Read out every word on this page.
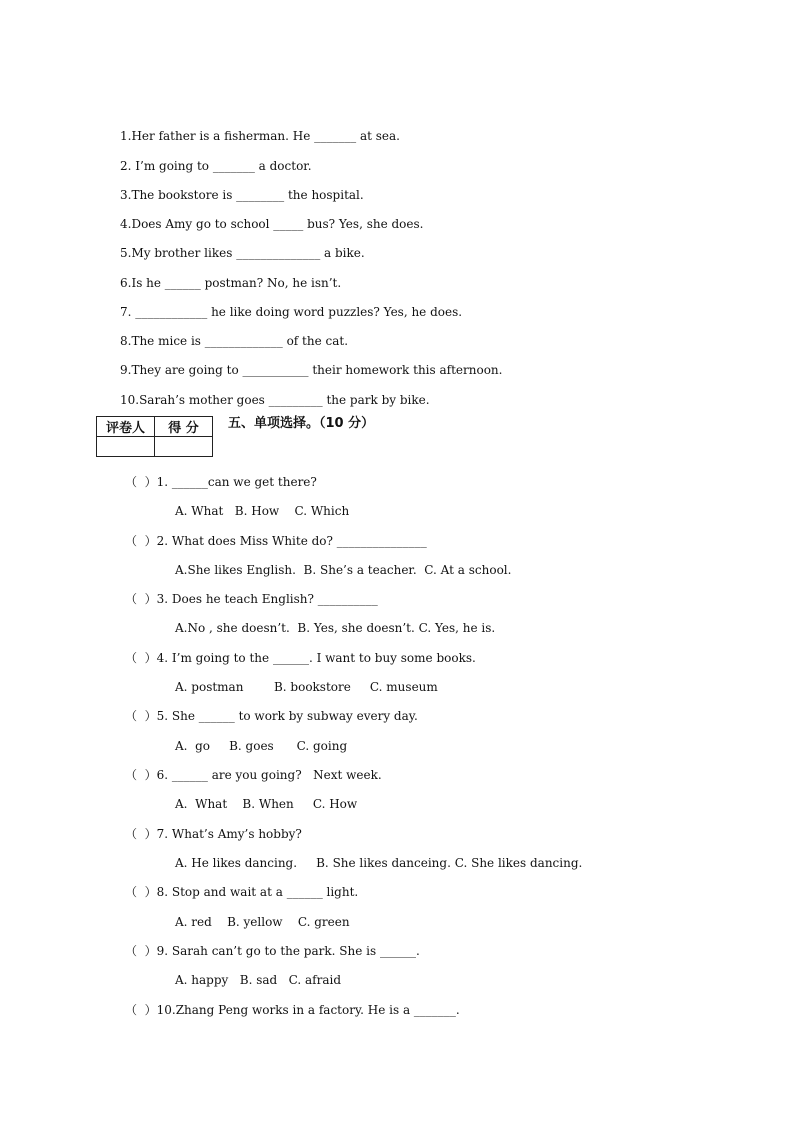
1.Her father is a fisherman. He _______ at sea.
2. I’m going to _______ a doctor.
3.The bookstore is ________ the hospital.
4.Does Amy go to school _____ bus? Yes, she does.
5.My brother likes ______________ a bike.
6.Is he ______ postman? No, he isn’t.
7. ____________ he like doing word puzzles? Yes, he does.
8.The mice is _____________ of the cat.
9.They are going to ___________ their homework this afternoon.
10.Sarah’s mother goes _________ the park by bike.
评卷人	得 分
	五、单项选择。（10 分）
（  ）1. ______can we get there?
A. What   B. How    C. Which
（  ）2. What does Miss White do? _______________
A.She likes English.  B. She’s a teacher.  C. At a school.
（  ）3. Does he teach English? __________
A.No , she doesn’t.  B. Yes, she doesn’t. C. Yes, he is.
（  ）4. I’m going to the ______. I want to buy some books.
A. postman        B. bookstore     C. museum
（  ）5. She ______ to work by subway every day.
A.  go     B. goes      C. going
（  ）6. ______ are you going?   Next week.
A.  What    B. When     C. How
（  ）7. What’s Amy’s hobby?
A. He likes dancing.     B. She likes danceing. C. She likes dancing.
（  ）8. Stop and wait at a ______ light.
A. red    B. yellow    C. green
（  ）9. Sarah can’t go to the park. She is ______.
A. happy   B. sad   C. afraid
（  ）10.Zhang Peng works in a factory. He is a _______.
